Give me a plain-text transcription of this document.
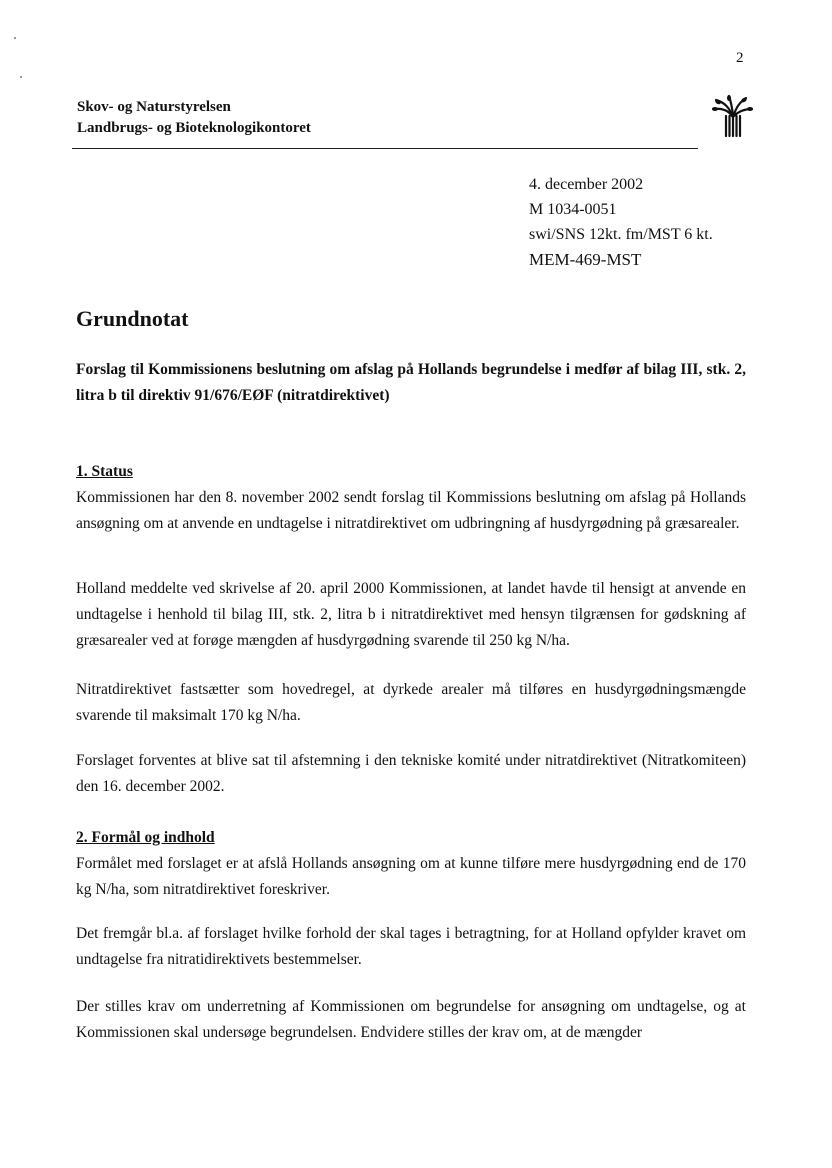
2
Skov- og Naturstyrelsen
Landbrugs- og Bioteknologikontoret
4. december 2002
M 1034-0051
swi/SNS 12kt. fm/MST 6 kt.
MEM-469-MST
Grundnotat

Forslag til Kommissionens beslutning om afslag på Hollands begrundelse i medfør af bilag III, stk. 2, litra b til direktiv 91/676/EØF (nitratdirektivet)

1. Status
Kommissionen har den 8. november 2002 sendt forslag til Kommissions beslutning om afslag på Hollands ansøgning om at anvende en undtagelse i nitratdirektivet om udbringning af husdyrgødning på græsarealer.

Holland meddelte ved skrivelse af 20. april 2000 Kommissionen, at landet havde til hensigt at anvende en undtagelse i henhold til bilag III, stk. 2, litra b i nitratdirektivet med hensyn tilgrænsen for gødskning af græsarealer ved at forøge mængden af husdyrgødning svarende til 250 kg N/ha.

Nitratdirektivet fastsætter som hovedregel, at dyrkede arealer må tilføres en husdyrgødningsmængde svarende til maksimalt 170 kg N/ha.

Forslaget forventes at blive sat til afstemning i den tekniske komité under nitratdirektivet (Nitratkomiteen) den 16. december 2002.

2. Formål og indhold
Formålet med forslaget er at afslå Hollands ansøgning om at kunne tilføre mere husdyrgødning end de 170 kg N/ha, som nitratdirektivet foreskriver.

Det fremgår bl.a. af forslaget hvilke forhold der skal tages i betragtning, for at Holland opfylder kravet om undtagelse fra nitratidirektivets bestemmelser.

Der stilles krav om underretning af Kommissionen om begrundelse for ansøgning om undtagelse, og at Kommissionen skal undersøge begrundelsen. Endvidere stilles der krav om, at de mængder
